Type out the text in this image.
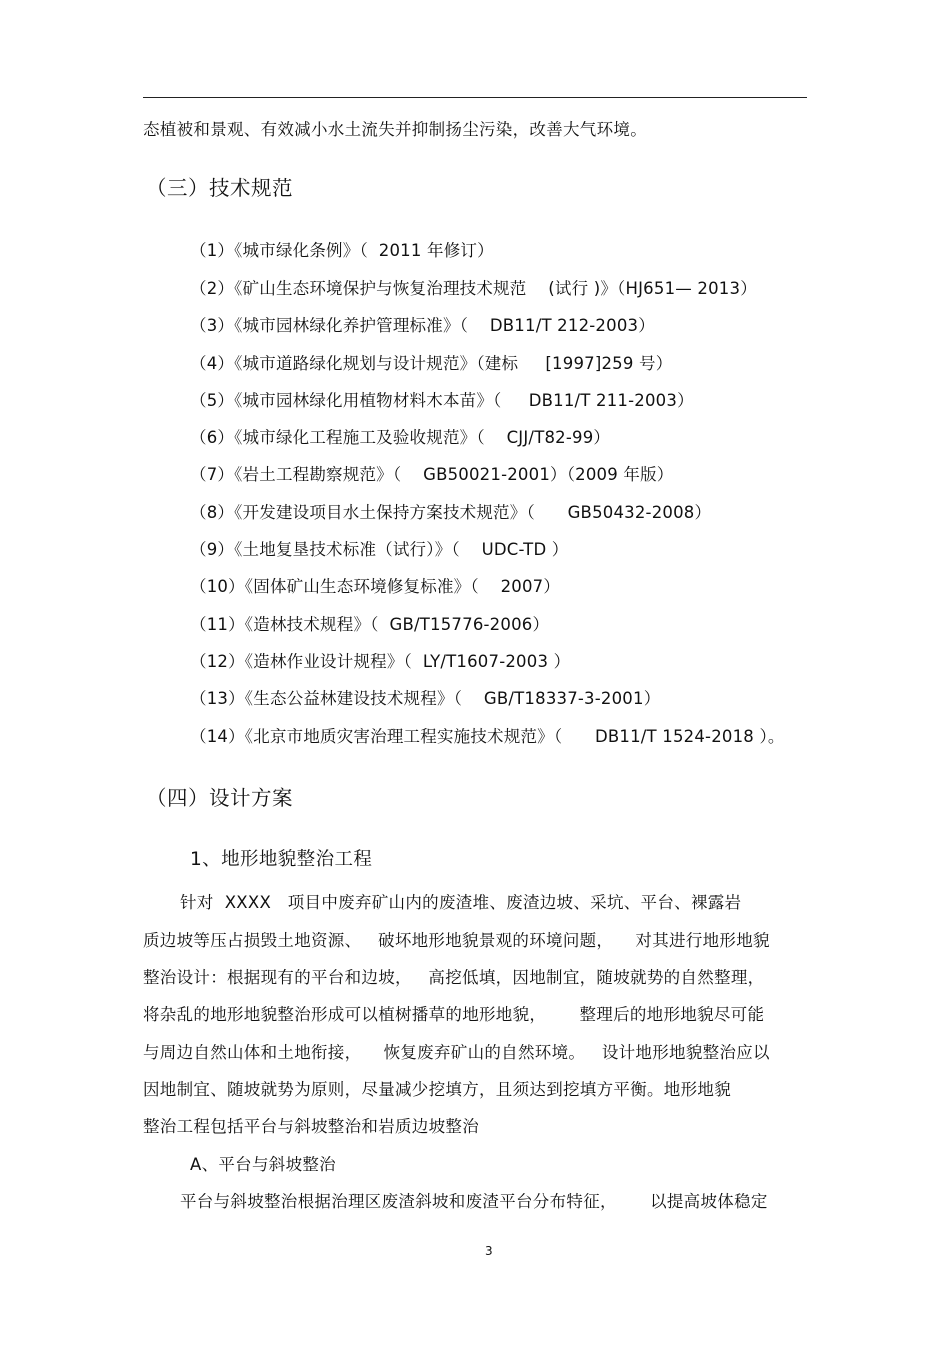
态植被和景观、有效减小水土流失并抑制扬尘污染，改善大气环境。
（三）技术规范
（1）《城市绿化条例》（  2011 年修订）
（2）《矿山生态环境保护与恢复治理技术规范    (试行 )》（HJ651— 2013）
（3）《城市园林绿化养护管理标准》（    DB11/T 212-2003）
（4）《城市道路绿化规划与设计规范》（建标     [1997]259 号）
（5）《城市园林绿化用植物材料木本苗》（     DB11/T 211-2003）
（6）《城市绿化工程施工及验收规范》（    CJJ/T82-99）
（7）《岩土工程勘察规范》（    GB50021-2001）（2009 年版）
（8）《开发建设项目水土保持方案技术规范》（      GB50432-2008）
（9）《土地复垦技术标准（试行）》（    UDC-TD ）
（10）《固体矿山生态环境修复标准》（    2007）
（11）《造林技术规程》（  GB/T15776-2006）
（12）《造林作业设计规程》（  LY/T1607-2003 ）
（13）《生态公益林建设技术规程》（    GB/T18337-3-2001）
（14）《北京市地质灾害治理工程实施技术规范》（      DB11/T 1524-2018 ）。
（四）设计方案
1、地形地貌整治工程
针对  XXXX   项目中废弃矿山内的废渣堆、废渣边坡、采坑、平台、裸露岩
质边坡等压占损毁土地资源、   破坏地形地貌景观的环境问题，    对其进行地形地貌
整治设计：根据现有的平台和边坡，   高挖低填，因地制宜，随坡就势的自然整理，
将杂乱的地形地貌整治形成可以植树播草的地形地貌，      整理后的地形地貌尽可能
与周边自然山体和土地衔接，    恢复废弃矿山的自然环境。   设计地形地貌整治应以
因地制宜、随坡就势为原则，尽量减少挖填方，且须达到挖填方平衡。地形地貌
整治工程包括平台与斜坡整治和岩质边坡整治
A、平台与斜坡整治
平台与斜坡整治根据治理区废渣斜坡和废渣平台分布特征，      以提高坡体稳定
3
